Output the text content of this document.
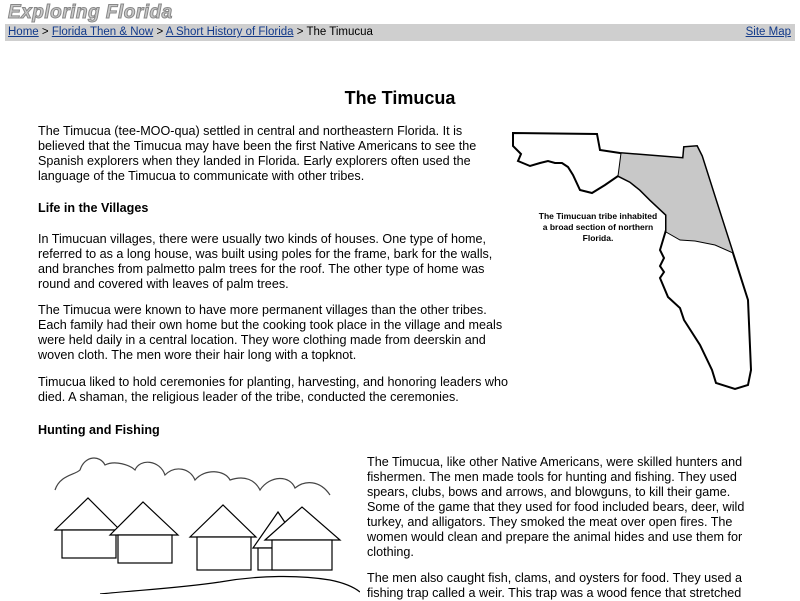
Exploring Florida
Home > Florida Then & Now > A Short History of Florida > The Timucua	Site Map
The Timucua

The Timucua (tee-MOO-qua) settled in central and northeastern Florida. It is believed that the Timucua may have been the first Native Americans to see the Spanish explorers when they landed in Florida. Early explorers often used the language of the Timucua to communicate with other tribes.

Life in the Villages

In Timucuan villages, there were usually two kinds of houses. One type of home, referred to as a long house, was built using poles for the frame, bark for the walls, and branches from palmetto palm trees for the roof. The other type of home was round and covered with leaves of palm trees.

The Timucua were known to have more permanent villages than the other tribes. Each family had their own home but the cooking took place in the village and meals were held daily in a central location. They wore clothing made from deerskin and woven cloth. The men wore their hair long with a topknot.

Timucua liked to hold ceremonies for planting, harvesting, and honoring leaders who died. A shaman, the religious leader of the tribe, conducted the ceremonies.

Hunting and Fishing

The Timucua, like other Native Americans, were skilled hunters and fishermen. The men made tools for hunting and fishing. They used spears, clubs, bows and arrows, and blowguns, to kill their game. Some of the game that they used for food included bears, deer, wild turkey, and alligators. They smoked the meat over open fires. The women would clean and prepare the animal hides and use them for clothing.

The men also caught fish, clams, and oysters for food. They used a fishing trap called a weir. This trap was a wood fence that stretched

The Timucuan tribe inhabited a broad section of northern Florida.
